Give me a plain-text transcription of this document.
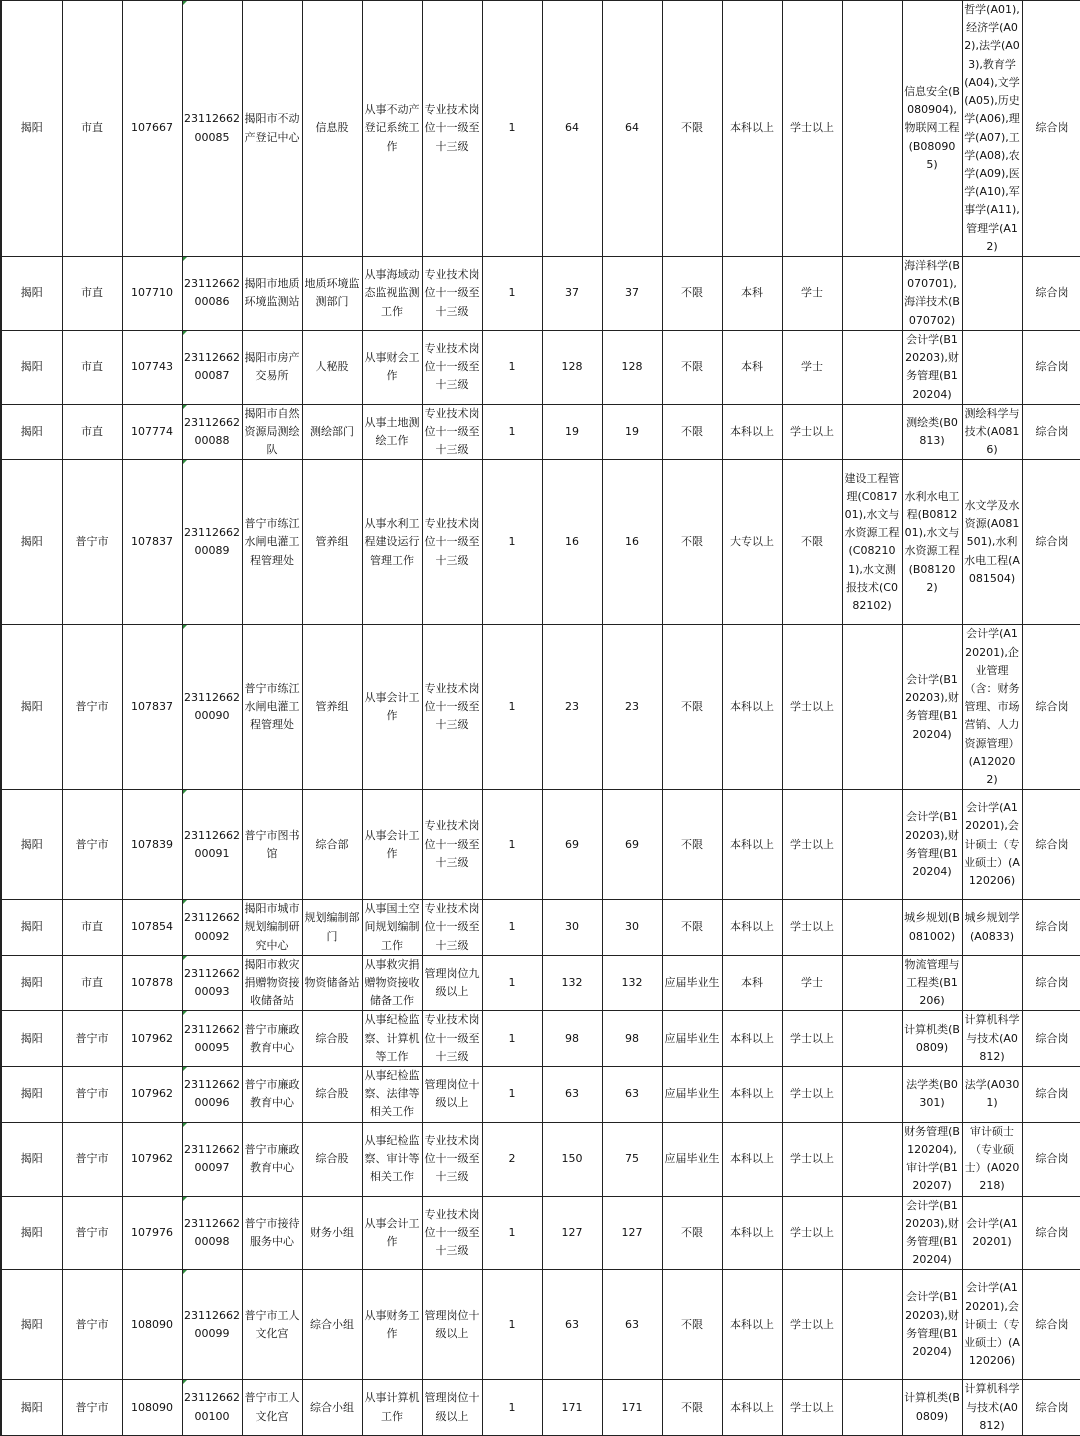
揭阳	市直	107667	2311266200085	揭阳市不动产登记中心	信息股	从事不动产登记系统工作	专业技术岗位十一级至十三级	1	64	64	不限	本科以上	学士以上		信息安全(B080904),物联网工程(B080905)	哲学(A01),经济学(A02),法学(A03),教育学(A04),文学(A05),历史学(A06),理学(A07),工学(A08),农学(A09),医学(A10),军事学(A11),管理学(A12)	综合岗
揭阳	市直	107710	2311266200086	揭阳市地质环境监测站	地质环境监测部门	从事海域动态监视监测工作	专业技术岗位十一级至十三级	1	37	37	不限	本科	学士		海洋科学(B070701),海洋技术(B070702)		综合岗
揭阳	市直	107743	2311266200087	揭阳市房产交易所	人秘股	从事财会工作	专业技术岗位十一级至十三级	1	128	128	不限	本科	学士		会计学(B120203),财务管理(B120204)		综合岗
揭阳	市直	107774	2311266200088	揭阳市自然资源局测绘队	测绘部门	从事土地测绘工作	专业技术岗位十一级至十三级	1	19	19	不限	本科以上	学士以上		测绘类(B0813)	测绘科学与技术(A0816)	综合岗
揭阳	普宁市	107837	2311266200089	普宁市练江水闸电灌工程管理处	管养组	从事水利工程建设运行管理工作	专业技术岗位十一级至十三级	1	16	16	不限	大专以上	不限	建设工程管理(C081701),水文与水资源工程(C082101),水文测报技术(C082102)	水利水电工程(B081201),水文与水资源工程(B081202)	水文学及水资源(A081501),水利水电工程(A081504)	综合岗
揭阳	普宁市	107837	2311266200090	普宁市练江水闸电灌工程管理处	管养组	从事会计工作	专业技术岗位十一级至十三级	1	23	23	不限	本科以上	学士以上		会计学(B120203),财务管理(B120204)	会计学(A120201),企业管理（含：财务管理、市场营销、人力资源管理）(A120202)	综合岗
揭阳	普宁市	107839	2311266200091	普宁市图书馆	综合部	从事会计工作	专业技术岗位十一级至十三级	1	69	69	不限	本科以上	学士以上		会计学(B120203),财务管理(B120204)	会计学(A120201),会计硕士（专业硕士）(A120206)	综合岗
揭阳	市直	107854	2311266200092	揭阳市城市规划编制研究中心	规划编制部门	从事国土空间规划编制工作	专业技术岗位十一级至十三级	1	30	30	不限	本科以上	学士以上		城乡规划(B081002)	城乡规划学(A0833)	综合岗
揭阳	市直	107878	2311266200093	揭阳市救灾捐赠物资接收储备站	物资储备站	从事救灾捐赠物资接收储备工作	管理岗位九级以上	1	132	132	应届毕业生	本科	学士		物流管理与工程类(B1206)		综合岗
揭阳	普宁市	107962	2311266200095	普宁市廉政教育中心	综合股	从事纪检监察、计算机等工作	专业技术岗位十一级至十三级	1	98	98	应届毕业生	本科以上	学士以上		计算机类(B0809)	计算机科学与技术(A0812)	综合岗
揭阳	普宁市	107962	2311266200096	普宁市廉政教育中心	综合股	从事纪检监察、法律等相关工作	管理岗位十级以上	1	63	63	应届毕业生	本科以上	学士以上		法学类(B0301)	法学(A0301)	综合岗
揭阳	普宁市	107962	2311266200097	普宁市廉政教育中心	综合股	从事纪检监察、审计等相关工作	专业技术岗位十一级至十三级	2	150	75	应届毕业生	本科以上	学士以上		财务管理(B120204),审计学(B120207)	审计硕士（专业硕士）(A020218)	综合岗
揭阳	普宁市	107976	2311266200098	普宁市接待服务中心	财务小组	从事会计工作	专业技术岗位十一级至十三级	1	127	127	不限	本科以上	学士以上		会计学(B120203),财务管理(B120204)	会计学(A120201)	综合岗
揭阳	普宁市	108090	2311266200099	普宁市工人文化宫	综合小组	从事财务工作	管理岗位十级以上	1	63	63	不限	本科以上	学士以上		会计学(B120203),财务管理(B120204)	会计学(A120201),会计硕士（专业硕士）(A120206)	综合岗
揭阳	普宁市	108090	2311266200100	普宁市工人文化宫	综合小组	从事计算机工作	管理岗位十级以上	1	171	171	不限	本科以上	学士以上		计算机类(B0809)	计算机科学与技术(A0812)	综合岗
